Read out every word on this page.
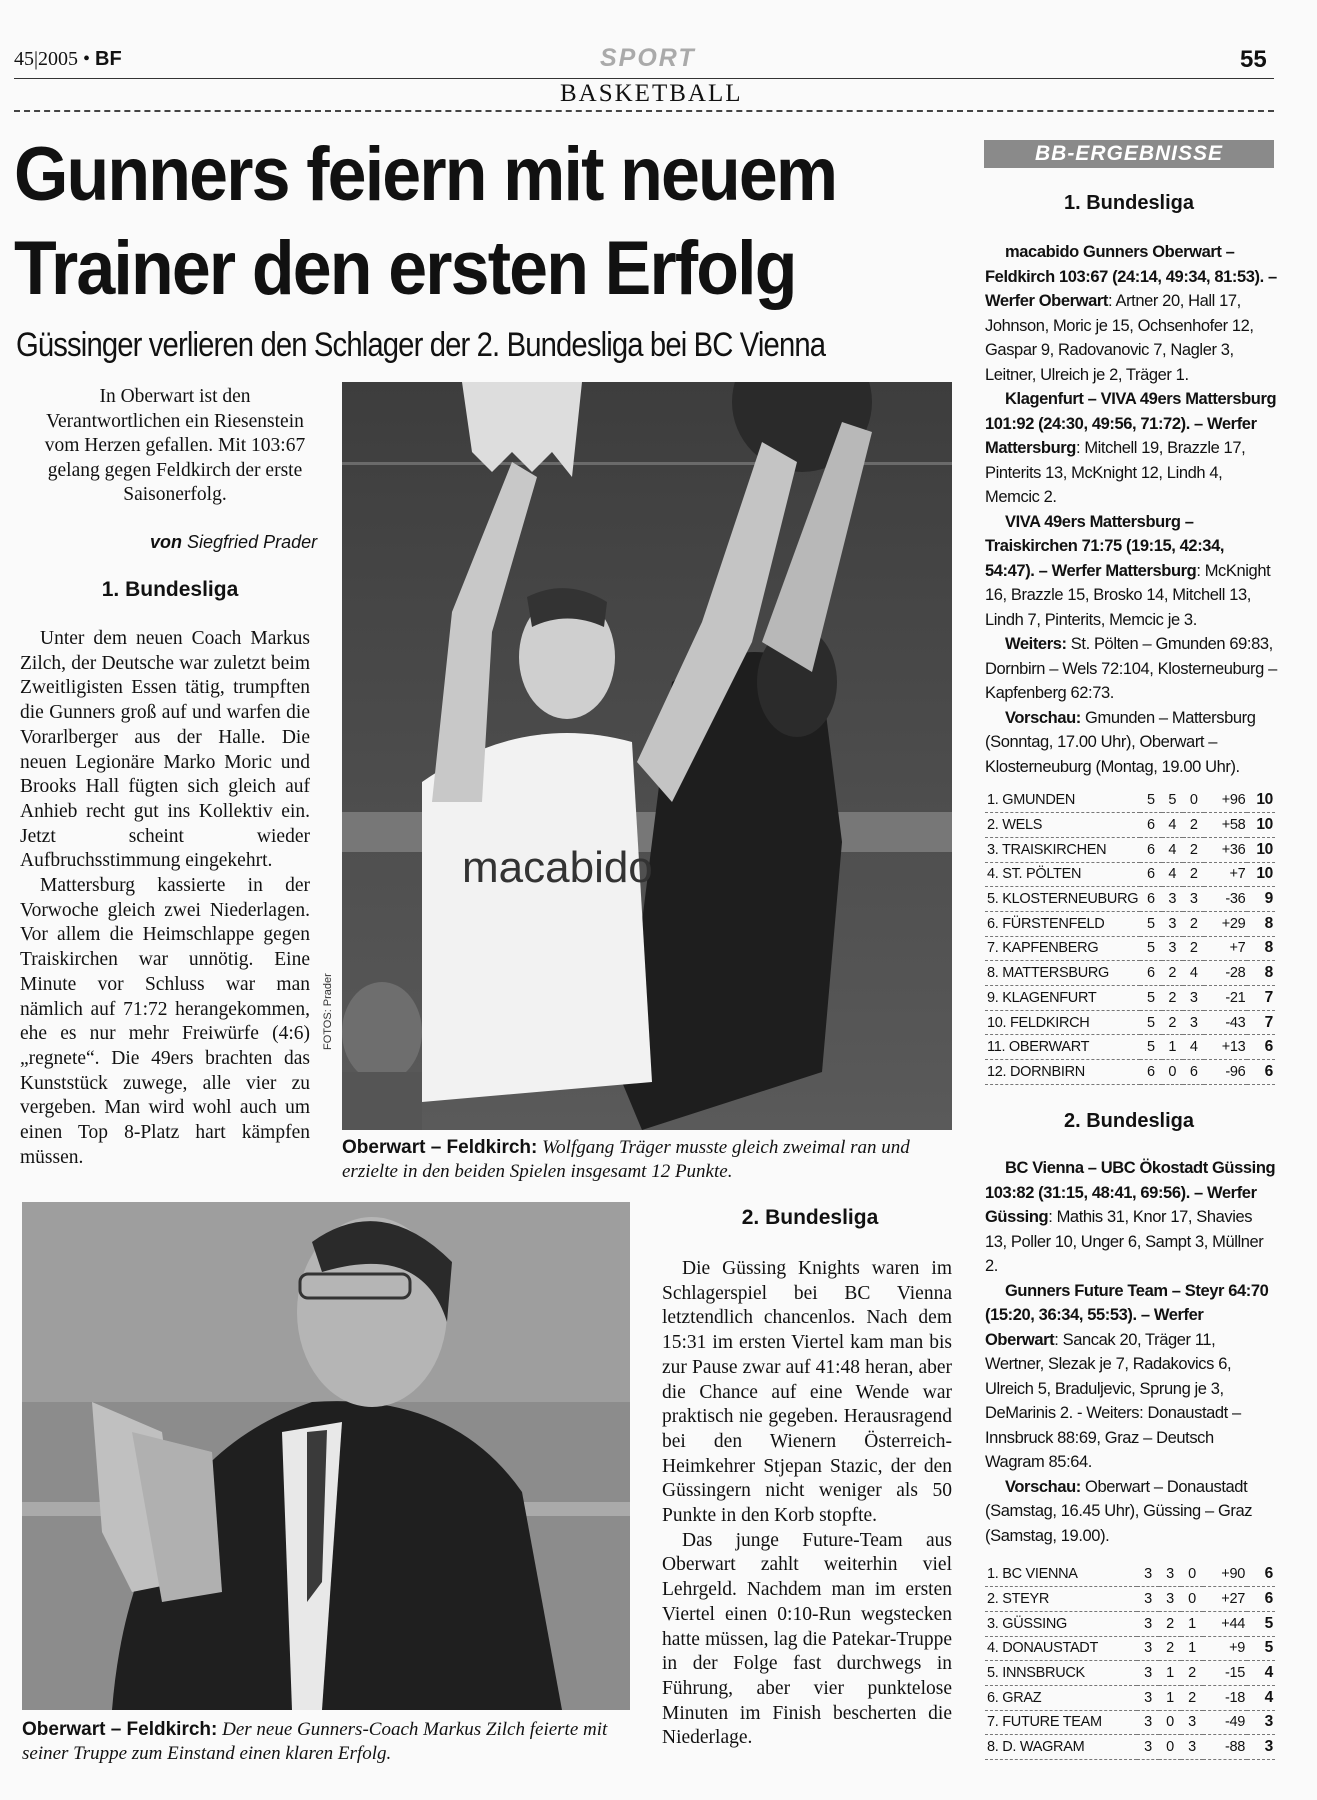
45|2005 • BF	SPORT	55
BASKETBALL
Gunners feiern mit neuem
Trainer den ersten Erfolg
Güssinger verlieren den Schlager der 2. Bundesliga bei BC Vienna
In Oberwart ist den Verantwortlichen ein Riesenstein vom Herzen gefallen. Mit 103:67 gelang gegen Feldkirch der erste Saisonerfolg.
von Siegfried Prader
1. Bundesliga

Unter dem neuen Coach Markus Zilch, der Deutsche war zuletzt beim Zweitligisten Essen tätig, trumpften die Gunners groß auf und warfen die Vorarlberger aus der Halle. Die neuen Legionäre Marko Moric und Brooks Hall fügten sich gleich auf Anhieb recht gut ins Kollektiv ein. Jetzt scheint wieder Aufbruchsstimmung eingekehrt.

Mattersburg kassierte in der Vorwoche gleich zwei Niederlagen. Vor allem die Heimschlappe gegen Traiskirchen war unnötig. Eine Minute vor Schluss war man nämlich auf 71:72 herangekommen, ehe es nur mehr Freiwürfe (4:6) „regnete“. Die 49ers brachten das Kunststück zuwege, alle vier zu vergeben. Man wird wohl auch um einen Top 8-Platz hart kämpfen müssen.

macabido
FOTOS: Prader
Oberwart – Feldkirch: Wolfgang Träger musste gleich zweimal ran und erzielte in den beiden Spielen insgesamt 12 Punkte.
Oberwart – Feldkirch: Der neue Gunners-Coach Markus Zilch feierte mit seiner Truppe zum Einstand einen klaren Erfolg.
2. Bundesliga

Die Güssing Knights waren im Schlagerspiel bei BC Vienna letztendlich chancenlos. Nach dem 15:31 im ersten Viertel kam man bis zur Pause zwar auf 41:48 heran, aber die Chance auf eine Wende war praktisch nie gegeben. Herausragend bei den Wienern Österreich-Heimkehrer Stjepan Stazic, der den Güssingern nicht weniger als 50 Punkte in den Korb stopfte.

Das junge Future-Team aus Oberwart zahlt weiterhin viel Lehrgeld. Nachdem man im ersten Viertel einen 0:10-Run wegstecken hatte müssen, lag die Patekar-Truppe in der Folge fast durchwegs in Führung, aber vier punktelose Minuten im Finish bescherten die Niederlage.

BB-ERGEBNISSE
1. Bundesliga

macabido Gunners Oberwart – Feldkirch 103:67 (24:14, 49:34, 81:53). – Werfer Oberwart: Artner 20, Hall 17, Johnson, Moric je 15, Ochsenhofer 12, Gaspar 9, Radovanovic 7, Nagler 3, Leitner, Ulreich je 2, Träger 1.

Klagenfurt – VIVA 49ers Mattersburg 101:92 (24:30, 49:56, 71:72). – Werfer Mattersburg: Mitchell 19, Brazzle 17, Pinterits 13, McKnight 12, Lindh 4, Memcic 2.

VIVA 49ers Mattersburg – Traiskirchen 71:75 (19:15, 42:34, 54:47). – Werfer Mattersburg: McKnight 16, Brazzle 15, Brosko 14, Mitchell 13, Lindh 7, Pinterits, Memcic je 3.

Weiters: St. Pölten – Gmunden 69:83, Dornbirn – Wels 72:104, Klosterneuburg – Kapfenberg 62:73.

Vorschau: Gmunden – Mattersburg (Sonntag, 17.00 Uhr), Oberwart – Klosterneuburg (Montag, 19.00 Uhr).

1. GMUNDEN	5	5	0	+96	10
2. WELS	6	4	2	+58	10
3. TRAISKIRCHEN	6	4	2	+36	10
4. ST. PÖLTEN	6	4	2	+7	10
5. KLOSTERNEUBURG	6	3	3	-36	9
6. FÜRSTENFELD	5	3	2	+29	8
7. KAPFENBERG	5	3	2	+7	8
8. MATTERSBURG	6	2	4	-28	8
9. KLAGENFURT	5	2	3	-21	7
10. FELDKIRCH	5	2	3	-43	7
11. OBERWART	5	1	4	+13	6
12. DORNBIRN	6	0	6	-96	6
2. Bundesliga

BC Vienna – UBC Ökostadt Güssing 103:82 (31:15, 48:41, 69:56). – Werfer Güssing: Mathis 31, Knor 17, Shavies 13, Poller 10, Unger 6, Sampt 3, Müllner 2.

Gunners Future Team – Steyr 64:70 (15:20, 36:34, 55:53). – Werfer Oberwart: Sancak 20, Träger 11, Wertner, Slezak je 7, Radakovics 6, Ulreich 5, Braduljevic, Sprung je 3, DeMarinis 2. - Weiters: Donaustadt – Innsbruck 88:69, Graz – Deutsch Wagram 85:64.

Vorschau: Oberwart – Donaustadt (Samstag, 16.45 Uhr), Güssing – Graz (Samstag, 19.00).

1. BC VIENNA	3	3	0	+90	6
2. STEYR	3	3	0	+27	6
3. GÜSSING	3	2	1	+44	5
4. DONAUSTADT	3	2	1	+9	5
5. INNSBRUCK	3	1	2	-15	4
6. GRAZ	3	1	2	-18	4
7. FUTURE TEAM	3	0	3	-49	3
8. D. WAGRAM	3	0	3	-88	3
